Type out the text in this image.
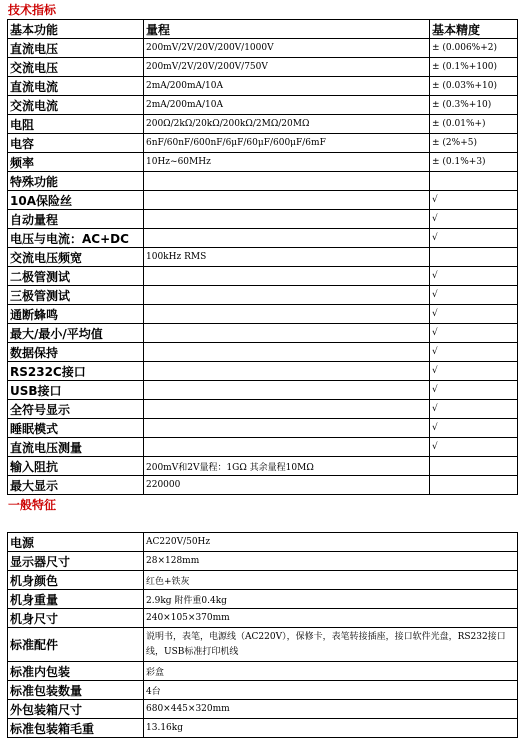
技术指标
基本功能	量程	基本精度
直流电压	200mV/2V/20V/200V/1000V	± (0.006%+2)
交流电压	200mV/2V/20V/200V/750V	± (0.1%+100)
直流电流	2mA/200mA/10A	± (0.03%+10)
交流电流	2mA/200mA/10A	± (0.3%+10)
电阻	200Ω/2kΩ/20kΩ/200kΩ/2MΩ/20MΩ	± (0.01%+)
电容	6nF/60nF/600nF/6μF/60μF/600μF/6mF	± (2%+5)
频率	10Hz~60MHz	± (0.1%+3)
特殊功能		
10A保险丝		√
自动量程		√
电压与电流：AC+DC		√
交流电压频宽	100kHz RMS	
二极管测试		√
三极管测试		√
通断蜂鸣		√
最大/最小/平均值		√
数据保持		√
RS232C接口		√
USB接口		√
全符号显示		√
睡眠模式		√
直流电压测量		√
输入阻抗	200mV和2V量程：1GΩ 其余量程10MΩ	
最大显示	220000	
一般特征
电源	AC220V/50Hz
显示器尺寸	28×128mm
机身颜色	红色+铁灰
机身重量	2.9kg 附件重0.4kg
机身尺寸	240×105×370mm
标准配件	说明书，表笔，电源线（AC220V），保修卡，表笔转接插座，接口软件光盘，RS232接口线，USB标准打印机线
标准内包装	彩盒
标准包装数量	4台
外包装箱尺寸	680×445×320mm
标准包装箱毛重	13.16kg
